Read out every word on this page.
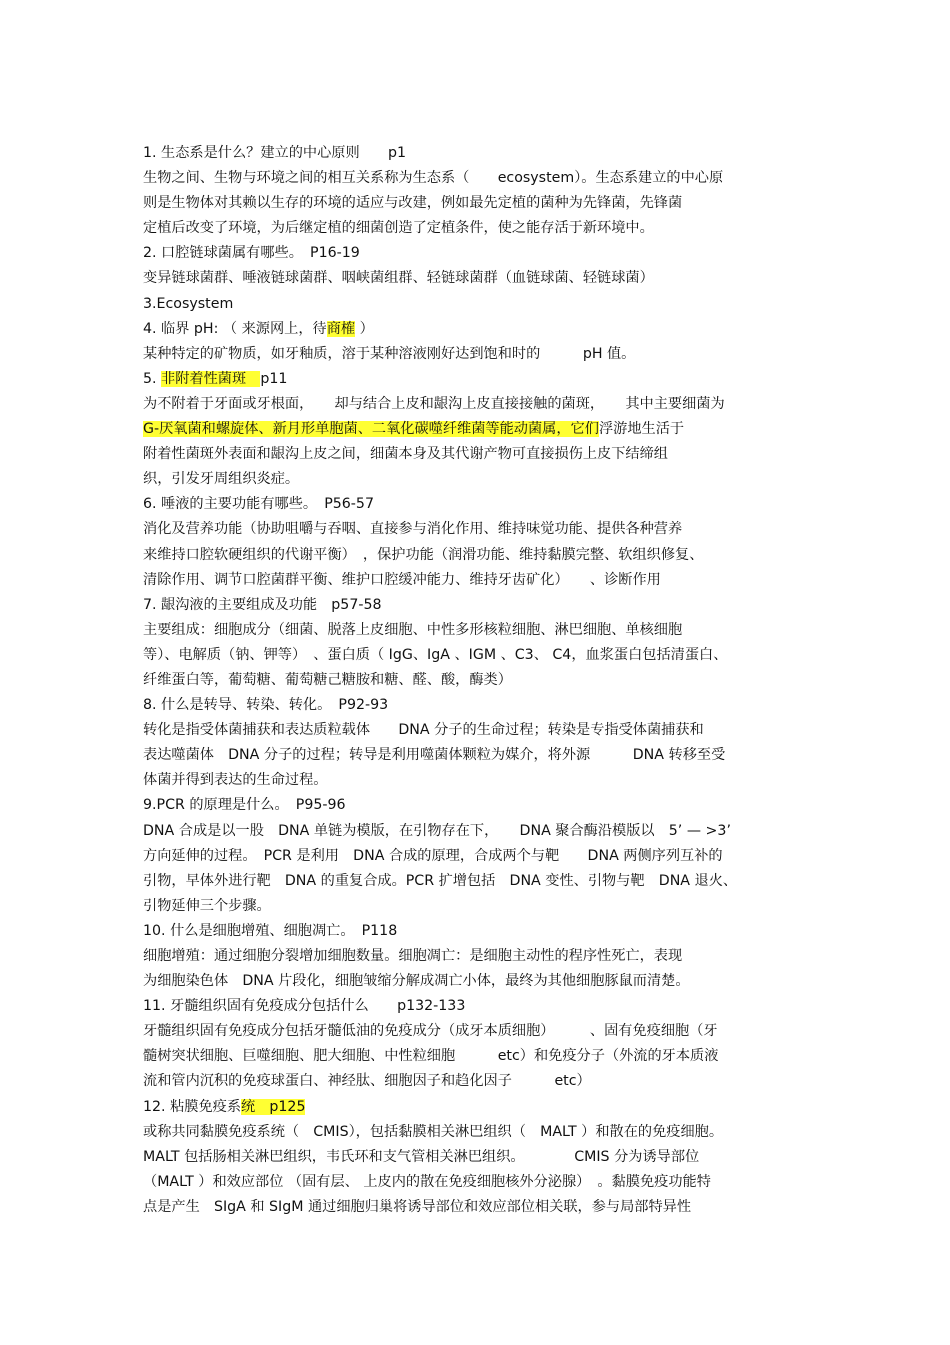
1. 生态系是什么？建立的中心原则　　p1
生物之间、生物与环境之间的相互关系称为生态系（　　ecosystem）。生态系建立的中心原
则是生物体对其赖以生存的环境的适应与改建，例如最先定植的菌种为先锋菌，先锋菌
定植后改变了环境，为后继定植的细菌创造了定植条件，使之能存活于新环境中。
2. 口腔链球菌属有哪些。　P16-19
变异链球菌群、唾液链球菌群、咽峡菌组群、轻链球菌群（血链球菌、轻链球菌）
3.Ecosystem
4. 临界 pH: （ 来源网上，待商榷 ）
某种特定的矿物质，如牙釉质，溶于某种溶液刚好达到饱和时的　　　pH 值。
5. 非附着性菌斑　p11
为不附着于牙面或牙根面，　　却与结合上皮和龈沟上皮直接接触的菌斑，　　其中主要细菌为
G-厌氧菌和螺旋体、新月形单胞菌、二氧化碳噬纤维菌等能动菌属，它们浮游地生活于
附着性菌斑外表面和龈沟上皮之间，细菌本身及其代谢产物可直接损伤上皮下结缔组
织，引发牙周组织炎症。
6. 唾液的主要功能有哪些。　P56-57
消化及营养功能（协助咀嚼与吞咽、直接参与消化作用、维持味觉功能、提供各种营养
来维持口腔软硬组织的代谢平衡）　，保护功能（润滑功能、维持黏膜完整、软组织修复、
清除作用、调节口腔菌群平衡、维护口腔缓冲能力、维持牙齿矿化）　　、诊断作用
7. 龈沟液的主要组成及功能　p57-58
主要组成：细胞成分（细菌、脱落上皮细胞、中性多形核粒细胞、淋巴细胞、单核细胞
等）、电解质（钠、钾等）　、蛋白质（ IgG、IgA 、IGM 、C3、 C4，血浆蛋白包括清蛋白、
纤维蛋白等，葡萄糖、葡萄糖己糖胺和糖、醛、酸，酶类）
8. 什么是转导、转染、转化。　P92-93
转化是指受体菌捕获和表达质粒载体　　DNA 分子的生命过程；转染是专指受体菌捕获和
表达噬菌体　DNA 分子的过程；转导是利用噬菌体颗粒为媒介，将外源　　　DNA 转移至受
体菌并得到表达的生命过程。
9.PCR 的原理是什么。　P95-96
DNA 合成是以一股　DNA 单链为模版，在引物存在下，　　DNA 聚合酶沿模版以　5’ — >3’
方向延伸的过程。　PCR 是利用　DNA 合成的原理，合成两个与靶　　DNA 两侧序列互补的
引物，早体外进行靶　DNA 的重复合成。PCR 扩增包括　DNA 变性、引物与靶　DNA 退火、
引物延伸三个步骤。
10. 什么是细胞增殖、细胞凋亡。　P118
细胞增殖：通过细胞分裂增加细胞数量。细胞凋亡：是细胞主动性的程序性死亡，表现
为细胞染色体　DNA 片段化，细胞皱缩分解成凋亡小体，最终为其他细胞豚鼠而清楚。
11. 牙髓组织固有免疫成分包括什么　　p132-133
牙髓组织固有免疫成分包括牙髓低油的免疫成分（成牙本质细胞）　　　、固有免疫细胞（牙
髓树突状细胞、巨噬细胞、肥大细胞、中性粒细胞　　　etc）和免疫分子（外流的牙本质液
流和管内沉积的免疫球蛋白、神经肽、细胞因子和趋化因子　　　etc）
12. 粘膜免疫系统　p125
或称共同黏膜免疫系统（　CMIS），包括黏膜相关淋巴组织（　MALT ）和散在的免疫细胞。
MALT 包括肠相关淋巴组织，韦氏环和支气管相关淋巴组织。　　　　CMIS 分为诱导部位
（MALT ）和效应部位 （固有层、 上皮内的散在免疫细胞核外分泌腺）　。黏膜免疫功能特
点是产生　SIgA 和 SIgM 通过细胞归巢将诱导部位和效应部位相关联，参与局部特异性
